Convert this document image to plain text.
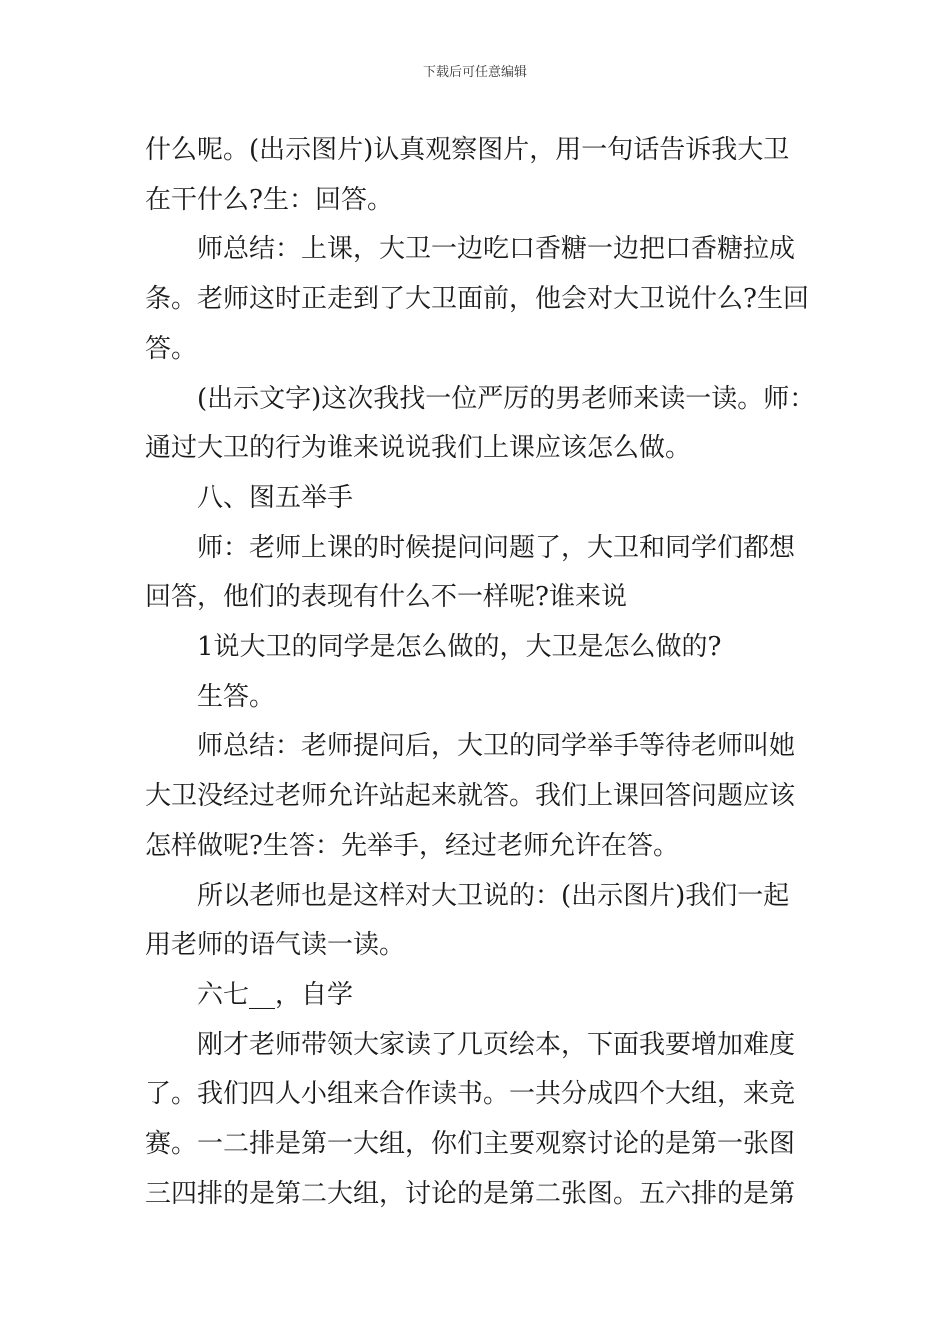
下载后可任意编辑
什么呢。(出示图片)认真观察图片，用一句话告诉我大卫
在干什么?生：回答。
师总结：上课，大卫一边吃口香糖一边把口香糖拉成
条。老师这时正走到了大卫面前，他会对大卫说什么?生回
答。
(出示文字)这次我找一位严厉的男老师来读一读。师：
通过大卫的行为谁来说说我们上课应该怎么做。
八、图五举手
师：老师上课的时候提问问题了，大卫和同学们都想
回答，他们的表现有什么不一样呢?谁来说
1说大卫的同学是怎么做的，大卫是怎么做的?
生答。
师总结：老师提问后，大卫的同学举手等待老师叫她
大卫没经过老师允许站起来就答。我们上课回答问题应该
怎样做呢?生答：先举手，经过老师允许在答。
所以老师也是这样对大卫说的：(出示图片)我们一起
用老师的语气读一读。
六七__，自学
刚才老师带领大家读了几页绘本，下面我要增加难度
了。我们四人小组来合作读书。一共分成四个大组，来竞
赛。一二排是第一大组，你们主要观察讨论的是第一张图
三四排的是第二大组，讨论的是第二张图。五六排的是第
